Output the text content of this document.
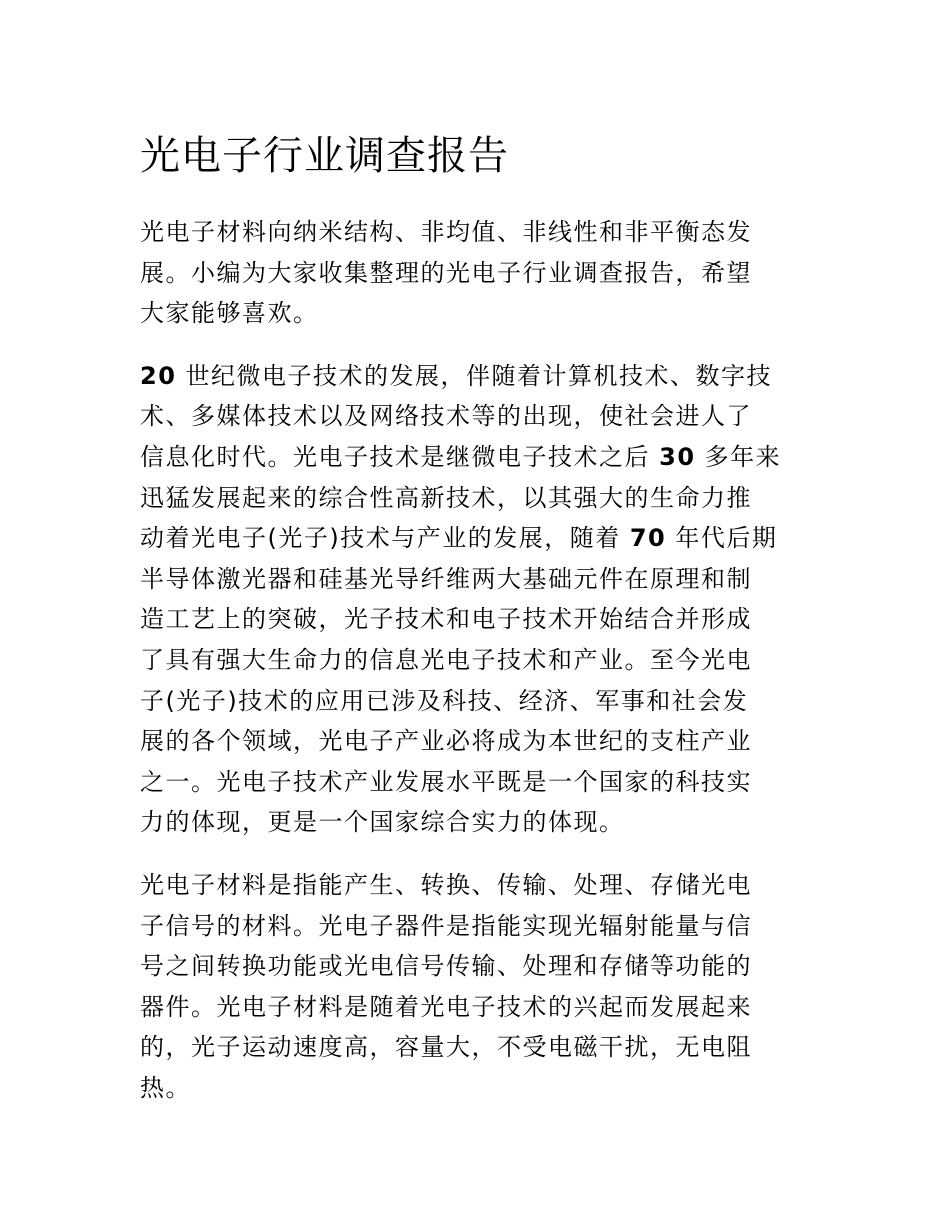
光电子行业调查报告
光电子材料向纳米结构、非均值、非线性和非平衡态发
展。小编为大家收集整理的光电子行业调查报告，希望
大家能够喜欢。
20 世纪微电子技术的发展，伴随着计算机技术、数字技
术、多媒体技术以及网络技术等的出现，使社会进人了
信息化时代。光电子技术是继微电子技术之后 30 多年来
迅猛发展起来的综合性高新技术，以其强大的生命力推
动着光电子(光子)技术与产业的发展，随着 70 年代后期
半导体激光器和硅基光导纤维两大基础元件在原理和制
造工艺上的突破，光子技术和电子技术开始结合并形成
了具有强大生命力的信息光电子技术和产业。至今光电
子(光子)技术的应用已涉及科技、经济、军事和社会发
展的各个领域，光电子产业必将成为本世纪的支柱产业
之一。光电子技术产业发展水平既是一个国家的科技实
力的体现，更是一个国家综合实力的体现。
光电子材料是指能产生、转换、传输、处理、存储光电
子信号的材料。光电子器件是指能实现光辐射能量与信
号之间转换功能或光电信号传输、处理和存储等功能的
器件。光电子材料是随着光电子技术的兴起而发展起来
的，光子运动速度高，容量大，不受电磁干扰，无电阻
热。
